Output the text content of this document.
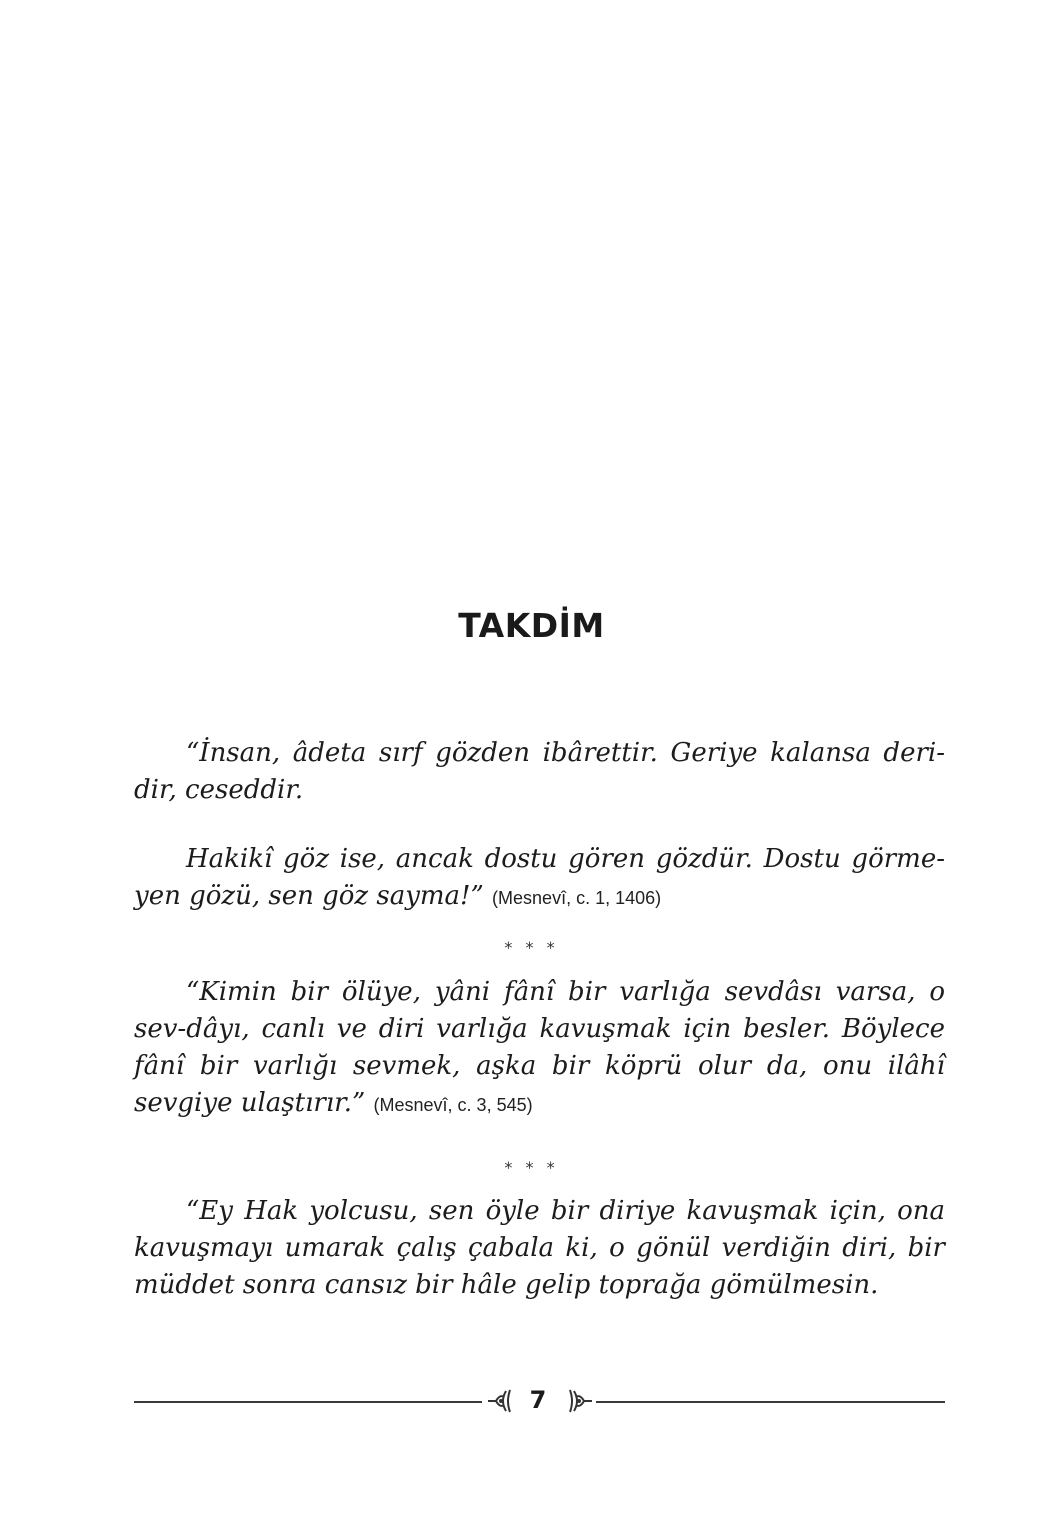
TAKDİM

“İnsan, âdeta sırf gözden ibârettir. Geriye kalansa deri-dir, ceseddir.

Hakikî göz ise, ancak dostu gören gözdür. Dostu görme-yen gözü, sen göz sayma!” (Mesnevî, c. 1, 1406)

* * *

“Kimin bir ölüye, yâni fânî bir varlığa sevdâsı varsa, o sev-dâyı, canlı ve diri varlığa kavuşmak için besler. Böylece fânî bir varlığı sevmek, aşka bir köprü olur da, onu ilâhî sevgiye ulaştırır.” (Mesnevî, c. 3, 545)

* * *

“Ey Hak yolcusu, sen öyle bir diriye kavuşmak için, ona kavuşmayı umarak çalış çabala ki, o gönül verdiğin diri, bir müddet sonra cansız bir hâle gelip toprağa gömülmesin.

7
